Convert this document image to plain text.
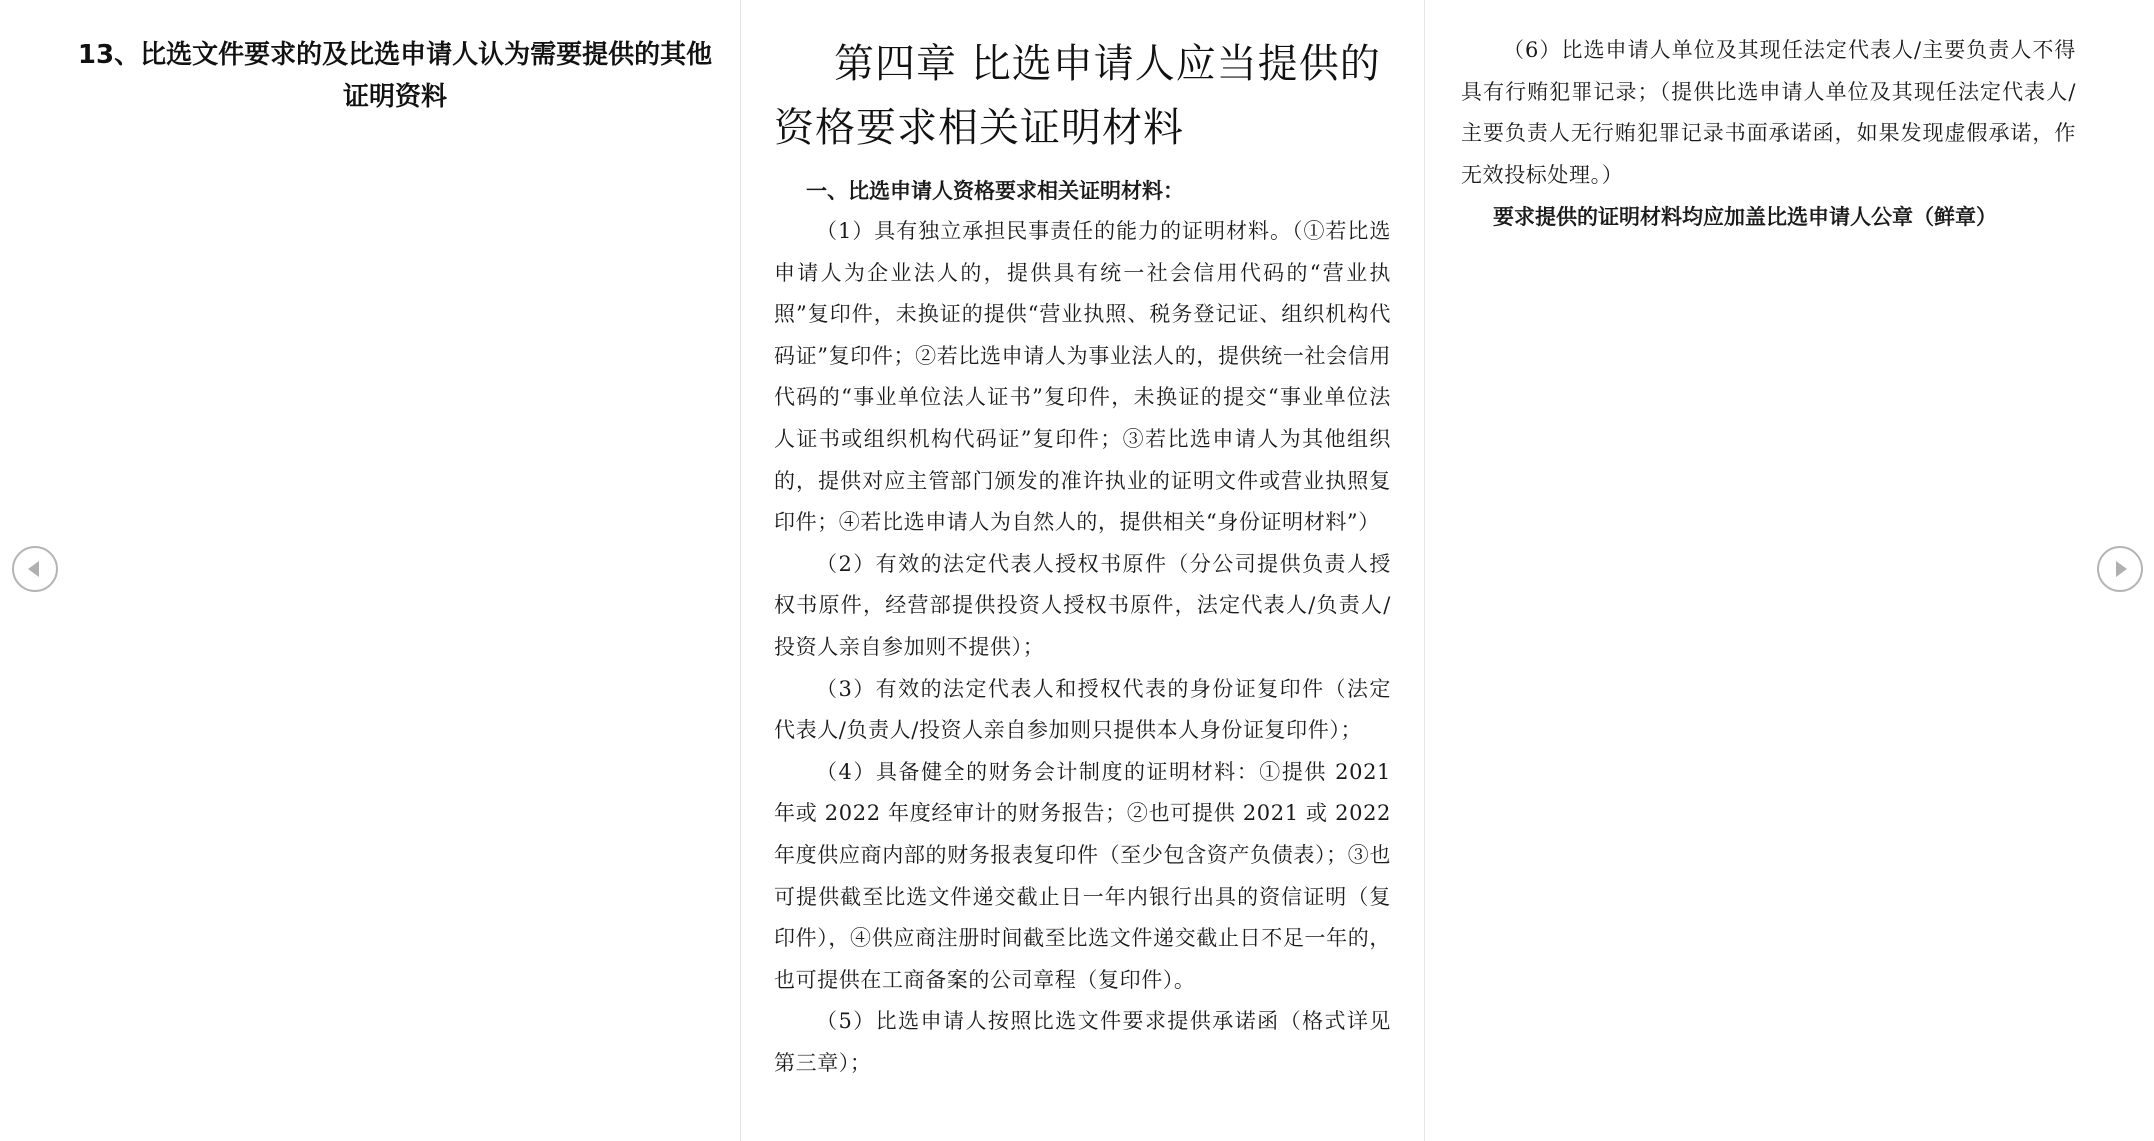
13、比选文件要求的及比选申请人认为需要提供的其他证明资料
第四章 比选申请人应当提供的资格要求相关证明材料

一、比选申请人资格要求相关证明材料：

（1）具有独立承担民事责任的能力的证明材料。（①若比选申请人为企业法人的，提供具有统一社会信用代码的“营业执照”复印件，未换证的提供“营业执照、税务登记证、组织机构代码证”复印件；②若比选申请人为事业法人的，提供统一社会信用代码的“事业单位法人证书”复印件，未换证的提交“事业单位法人证书或组织机构代码证”复印件；③若比选申请人为其他组织的，提供对应主管部门颁发的准许执业的证明文件或营业执照复印件；④若比选申请人为自然人的，提供相关“身份证明材料”）

（2）有效的法定代表人授权书原件（分公司提供负责人授权书原件，经营部提供投资人授权书原件，法定代表人/负责人/投资人亲自参加则不提供）；

（3）有效的法定代表人和授权代表的身份证复印件（法定代表人/负责人/投资人亲自参加则只提供本人身份证复印件）；

（4）具备健全的财务会计制度的证明材料：①提供 2021 年或 2022 年度经审计的财务报告；②也可提供 2021 或 2022 年度供应商内部的财务报表复印件（至少包含资产负债表）；③也可提供截至比选文件递交截止日一年内银行出具的资信证明（复印件），④供应商注册时间截至比选文件递交截止日不足一年的，也可提供在工商备案的公司章程（复印件）。

（5）比选申请人按照比选文件要求提供承诺函（格式详见第三章）；

（6）比选申请人单位及其现任法定代表人/主要负责人不得具有行贿犯罪记录；（提供比选申请人单位及其现任法定代表人/主要负责人无行贿犯罪记录书面承诺函，如果发现虚假承诺，作无效投标处理。）

要求提供的证明材料均应加盖比选申请人公章（鲜章）
